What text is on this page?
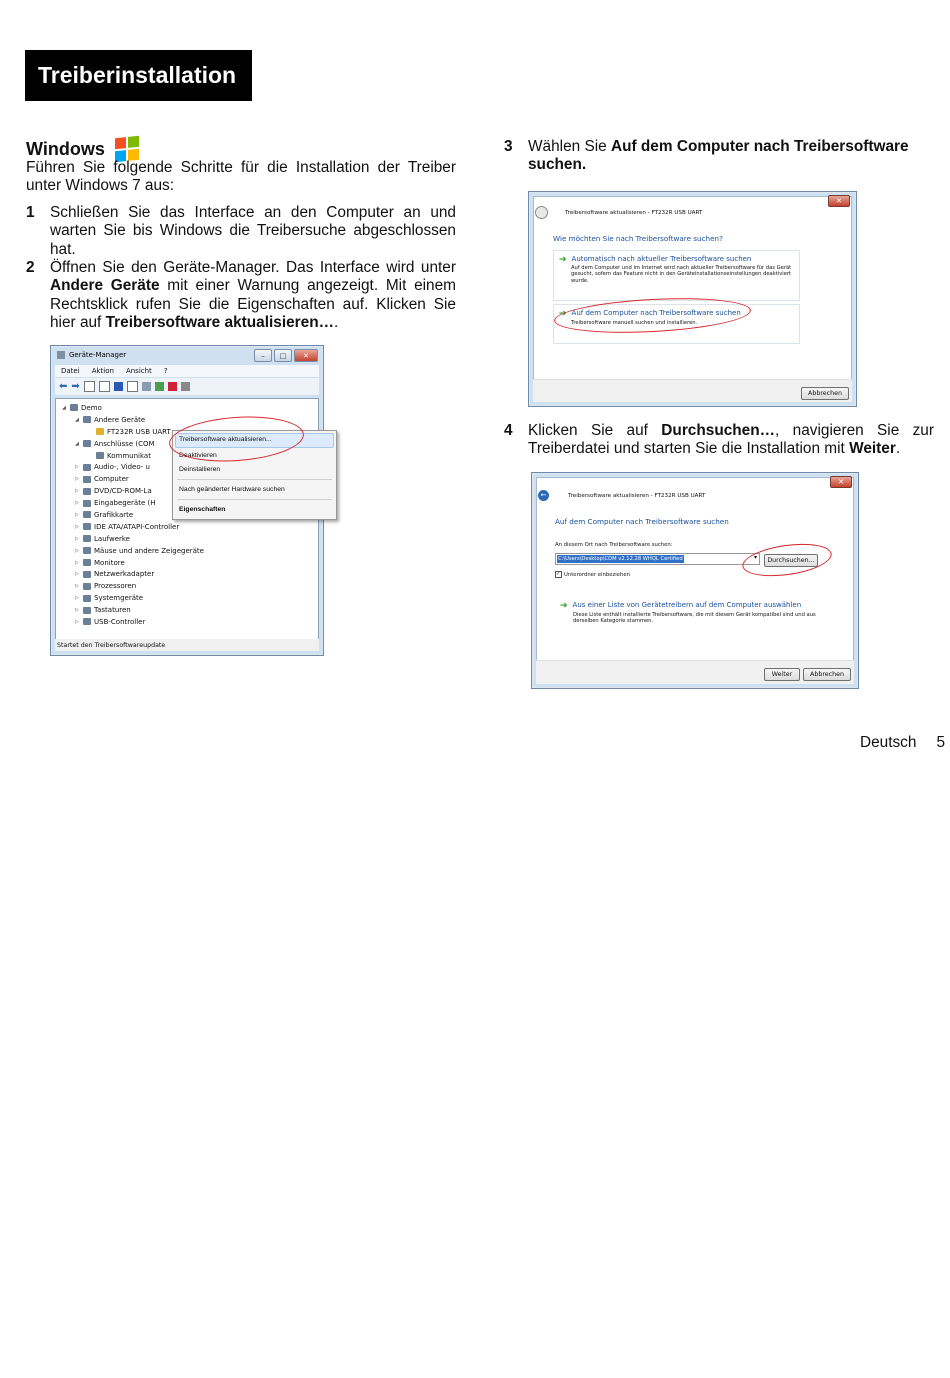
Treiberinstallation
Windows
Führen Sie folgende Schritte für die Installation der Treiber unter Windows 7 aus:
1	Schließen Sie das Interface an den Computer an und warten Sie bis Windows die Treibersuche abgeschlossen hat.
2	Öffnen Sie den Geräte-Manager. Das Interface wird unter Andere Geräte mit einer Warnung angezeigt. Mit einem Rechtsklick rufen Sie die Eigenschaften auf. Klicken Sie hier auf Treibersoftware aktualisieren….
3	Wählen Sie Auf dem Computer nach Treibersoftware suchen.
4	Klicken Sie auf Durchsuchen…, navigieren Sie zur Treiberdatei und starten Sie die Installation mit Weiter.
Geräte-Manager	–	□	✕
Datei Aktion Ansicht ?
⬅ ➡
◢	Demo
◢	Andere Geräte
FT232R USB UART
◢	Anschlüsse (COM
Kommunikat
▷	Audio-, Video- u
▷	Computer
▷	DVD/CD-ROM-La
▷	Eingabegeräte (H
▷	Grafikkarte
▷	IDE ATA/ATAPI-Controller
▷	Laufwerke
▷	Mäuse und andere Zeigegeräte
▷	Monitore
▷	Netzwerkadapter
▷	Prozessoren
▷	Systemgeräte
▷	Tastaturen
▷	USB-Controller
Startet den Treibersoftwareupdate
Treibersoftware aktualisieren...
Deaktivieren
Deinstallieren
Nach geänderter Hardware suchen
Eigenschaften
Treibersoftware aktualisieren - FT232R USB UART
✕
Wie möchten Sie nach Treibersoftware suchen?
➔ Automatisch nach aktueller Treibersoftware suchen
Auf dem Computer und im Internet wird nach aktueller Treibersoftware für das Gerät gesucht, sofern das Feature nicht in den Geräteinstallationseinstellungen deaktiviert wurde.
➔ Auf dem Computer nach Treibersoftware suchen
Treibersoftware manuell suchen und installieren.
Abbrechen
←	Treibersoftware aktualisieren - FT232R USB UART
✕
Auf dem Computer nach Treibersoftware suchen
An diesem Ort nach Treibersoftware suchen:
C:\Users\Desktop\CDM v2.12.28 WHQL Certified	▾	Durchsuchen...
✓ Unterordner einbeziehen
➔ Aus einer Liste von Gerätetreibern auf dem Computer auswählen
Diese Liste enthält installierte Treibersoftware, die mit diesem Gerät kompatibel sind und aus derselben Kategorie stammen.
Weiter	Abbrechen
Deutsch 5
